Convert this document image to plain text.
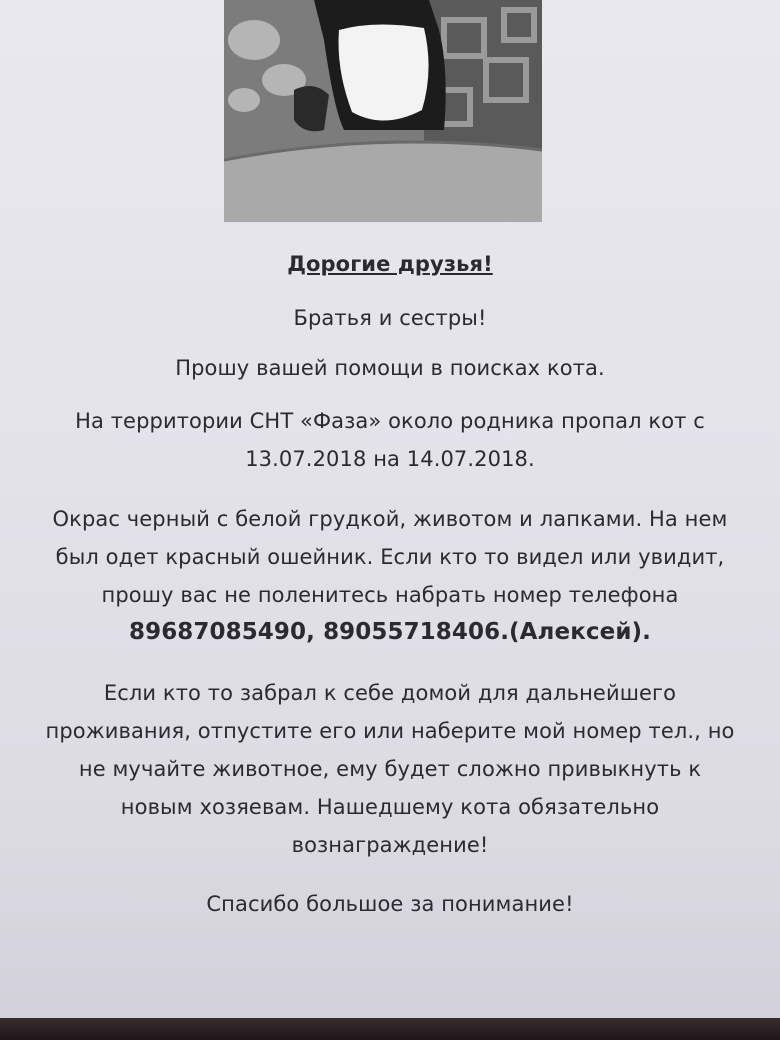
Дорогие друзья!

Братья и сестры!

Прошу вашей помощи в поисках кота.

На территории СНТ «Фаза» около родника пропал кот с
13.07.2018 на 14.07.2018.
Окрас черный с белой грудкой, животом и лапками. На нем
был одет красный ошейник. Если кто то видел или увидит,
прошу вас не поленитесь набрать номер телефона

89687085490, 89055718406.(Алексей).

Если кто то забрал к себе домой для дальнейшего
проживания, отпустите его или наберите мой номер тел., но
не мучайте животное, ему будет сложно привыкнуть к
новым хозяевам. Нашедшему кота обязательно
вознаграждение!

Спасибо большое за понимание!
